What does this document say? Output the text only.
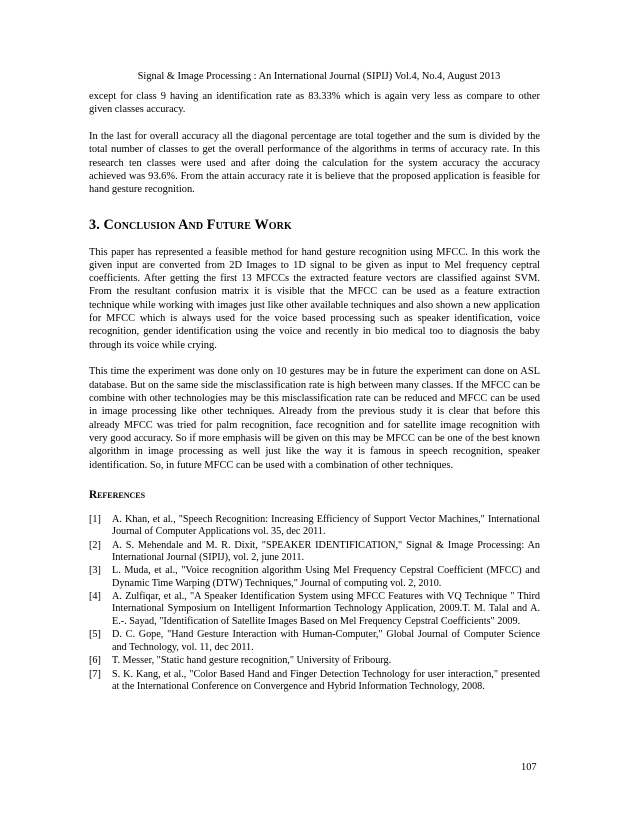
Signal & Image Processing : An International Journal (SIPIJ) Vol.4, No.4, August 2013

except for class 9 having an identification rate as 83.33% which is again very less as compare to other given classes accuracy.

In the last for overall accuracy all the diagonal percentage are total together and the sum is divided by the total number of classes to get the overall performance of the algorithms in terms of accuracy rate. In this research ten classes were used and after doing the calculation for the system accuracy the accuracy achieved was 93.6%. From the attain accuracy rate it is believe that the proposed application is feasible for hand gesture recognition.

3. Conclusion And Future Work

This paper has represented a feasible method for hand gesture recognition using MFCC. In this work the given input are converted from 2D Images to 1D signal to be given as input to Mel frequency ceptral coefficients. After getting the first 13 MFCCs the extracted feature vectors are classified against SVM. From the resultant confusion matrix it is visible that the MFCC can be used as a feature extraction technique while working with images just like other available techniques and also shown a new application for MFCC which is always used for the voice based processing such as speaker identification, voice recognition, gender identification using the voice and recently in bio medical too to diagnosis the baby through its voice while crying.

This time the experiment was done only on 10 gestures may be in future the experiment can done on ASL database. But on the same side the misclassification rate is high between many classes. If the MFCC can be combine with other technologies may be this misclassification rate can be reduced and MFCC can be used in image processing like other techniques. Already from the previous study it is clear that before this already MFCC was tried for palm recognition, face recognition and for satellite image recognition with very good accuracy. So if more emphasis will be given on this may be MFCC can be one of the best known algorithm in image processing as well just like the way it is famous in speech recognition, speaker identification. So, in future MFCC can be used with a combination of other techniques.

References
[1] A. Khan, et al., "Speech Recognition: Increasing Efficiency of Support Vector Machines," International Journal of Computer Applications vol. 35, dec 2011.
[2] A. S. Mehendale and M. R. Dixit, "SPEAKER IDENTIFICATION," Signal & Image Processing: An International Journal (SIPIJ), vol. 2, june 2011.
[3] L. Muda, et al., "Voice recognition algorithm Using Mel Frequency Cepstral Coefficient (MFCC) and Dynamic Time Warping (DTW) Techniques," Journal of computing vol. 2, 2010.
[4] A. Zulfiqar, et al., "A Speaker Identification System using MFCC Features with VQ Technique " Third International Symposium on Intelligent Informartion Technology Application, 2009.T. M. Talal and A. E.-. Sayad, "Identification of Satellite Images Based on Mel Frequency Cepstral Coefficients" 2009.
[5] D. C. Gope, "Hand Gesture Interaction with Human-Computer," Global Journal of Computer Science and Technology, vol. 11, dec 2011.
[6] T. Messer, "Static hand gesture recognition," University of Fribourg.
[7] S. K. Kang, et al., "Color Based Hand and Finger Detection Technology for user interaction," presented at the International Conference on Convergence and Hybrid Information Technology, 2008.
107
